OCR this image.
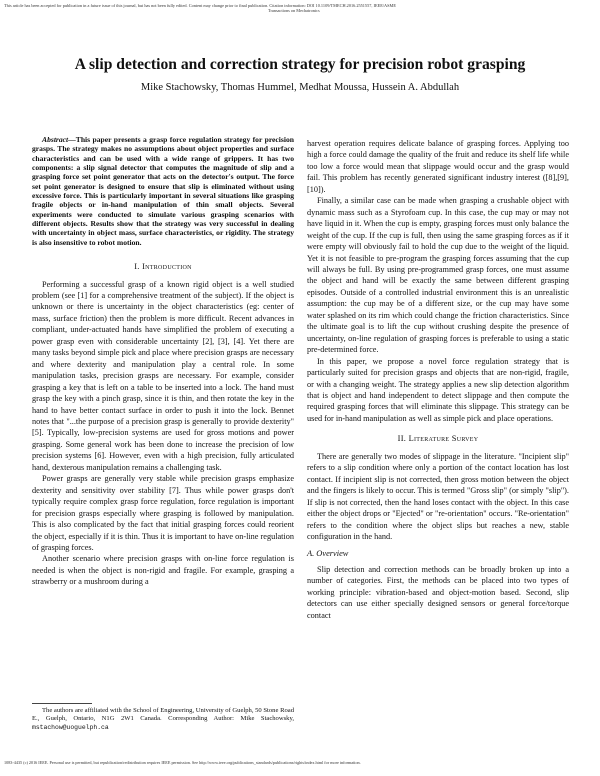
This article has been accepted for publication in a future issue of this journal, but has not been fully edited. Content may change prior to final publication. Citation information: DOI 10.1109/TMECH.2016.2551557, IEEE/ASME
Transactions on Mechatronics
A slip detection and correction strategy for precision robot grasping
Mike Stachowsky, Thomas Hummel, Medhat Moussa, Hussein A. Abdullah

Abstract—This paper presents a grasp force regulation strategy for precision grasps. The strategy makes no assumptions about object properties and surface characteristics and can be used with a wide range of grippers. It has two components: a slip signal detector that computes the magnitude of slip and a grasping force set point generator that acts on the detector's output. The force set point generator is designed to ensure that slip is eliminated without using excessive force. This is particularly important in several situations like grasping fragile objects or in-hand manipulation of thin small objects. Several experiments were conducted to simulate various grasping scenarios with different objects. Results show that the strategy was very successful in dealing with uncertainty in object mass, surface characteristics, or rigidity. The strategy is also insensitive to robot motion.

I. Introduction

Performing a successful grasp of a known rigid object is a well studied problem (see [1] for a comprehensive treatment of the subject). If the object is unknown or there is uncertainty in the object characteristics (eg: center of mass, surface friction) then the problem is more difficult. Recent advances in compliant, under-actuated hands have simplified the problem of executing a power grasp even with considerable uncertainty [2], [3], [4]. Yet there are many tasks beyond simple pick and place where precision grasps are necessary and where dexterity and manipulation play a central role. In some manipulation tasks, precision grasps are necessary. For example, consider grasping a key that is left on a table to be inserted into a lock. The hand must grasp the key with a pinch grasp, since it is thin, and then rotate the key in the hand to have better contact surface in order to push it into the lock. Bennet notes that "...the purpose of a precision grasp is generally to provide dexterity" [5]. Typically, low-precision systems are used for gross motions and power grasping. Some general work has been done to increase the precision of low precision systems [6]. However, even with a high precision, fully articulated hand, dexterous manipulation remains a challenging task.

Power grasps are generally very stable while precision grasps emphasize dexterity and sensitivity over stability [7]. Thus while power grasps don't typically require complex grasp force regulation, force regulation is important for precision grasps especially where grasping is followed by manipulation. This is also complicated by the fact that initial grasping forces could reorient the object, especially if it is thin. Thus it is important to have on-line regulation of grasping forces.

Another scenario where precision grasps with on-line force regulation is needed is when the object is non-rigid and fragile. For example, grasping a strawberry or a mushroom during a

The authors are affiliated with the School of Engineering, University of Guelph, 50 Stone Road E., Guelph, Ontario, N1G 2W1 Canada. Corresponding Author: Mike Stachowsky, mstachow@uoguelph.ca

harvest operation requires delicate balance of grasping forces. Applying too high a force could damage the quality of the fruit and reduce its shelf life while too low a force would mean that slippage would occur and the grasp would fail. This problem has recently generated significant industry interest ([8],[9],[10]).

Finally, a similar case can be made when grasping a crushable object with dynamic mass such as a Styrofoam cup. In this case, the cup may or may not have liquid in it. When the cup is empty, grasping forces must only balance the weight of the cup. If the cup is full, then using the same grasping forces as if it were empty will obviously fail to hold the cup due to the weight of the liquid. Yet it is not feasible to pre-program the grasping forces assuming that the cup will always be full. By using pre-programmed grasp forces, one must assume the object and hand will be exactly the same between different grasping episodes. Outside of a controlled industrial environment this is an unrealistic assumption: the cup may be of a different size, or the cup may have some water splashed on its rim which could change the friction characteristics. Since the ultimate goal is to lift the cup without crushing despite the presence of uncertainty, on-line regulation of grasping forces is preferable to using a static pre-determined force.

In this paper, we propose a novel force regulation strategy that is particularly suited for precision grasps and objects that are non-rigid, fragile, or with a changing weight. The strategy applies a new slip detection algorithm that is object and hand independent to detect slippage and then compute the required grasping forces that will eliminate this slippage. This strategy can be used for in-hand manipulation as well as simple pick and place operations.

II. Literature Survey

There are generally two modes of slippage in the literature. "Incipient slip" refers to a slip condition where only a portion of the contact location has lost contact. If incipient slip is not corrected, then gross motion between the object and the fingers is likely to occur. This is termed "Gross slip" (or simply "slip"). If slip is not corrected, then the hand loses contact with the object. In this case either the object drops or "Ejected" or "re-orientation" occurs. "Re-orientation" refers to the condition where the object slips but reaches a new, stable configuration in the hand.

A. Overview

Slip detection and correction methods can be broadly broken up into a number of categories. First, the methods can be placed into two types of working principle: vibration-based and object-motion based. Second, slip detectors can use either specially designed sensors or general force/torque contact

1083-4435 (c) 2016 IEEE. Personal use is permitted, but republication/redistribution requires IEEE permission. See http://www.ieee.org/publications_standards/publications/rights/index.html for more information.
